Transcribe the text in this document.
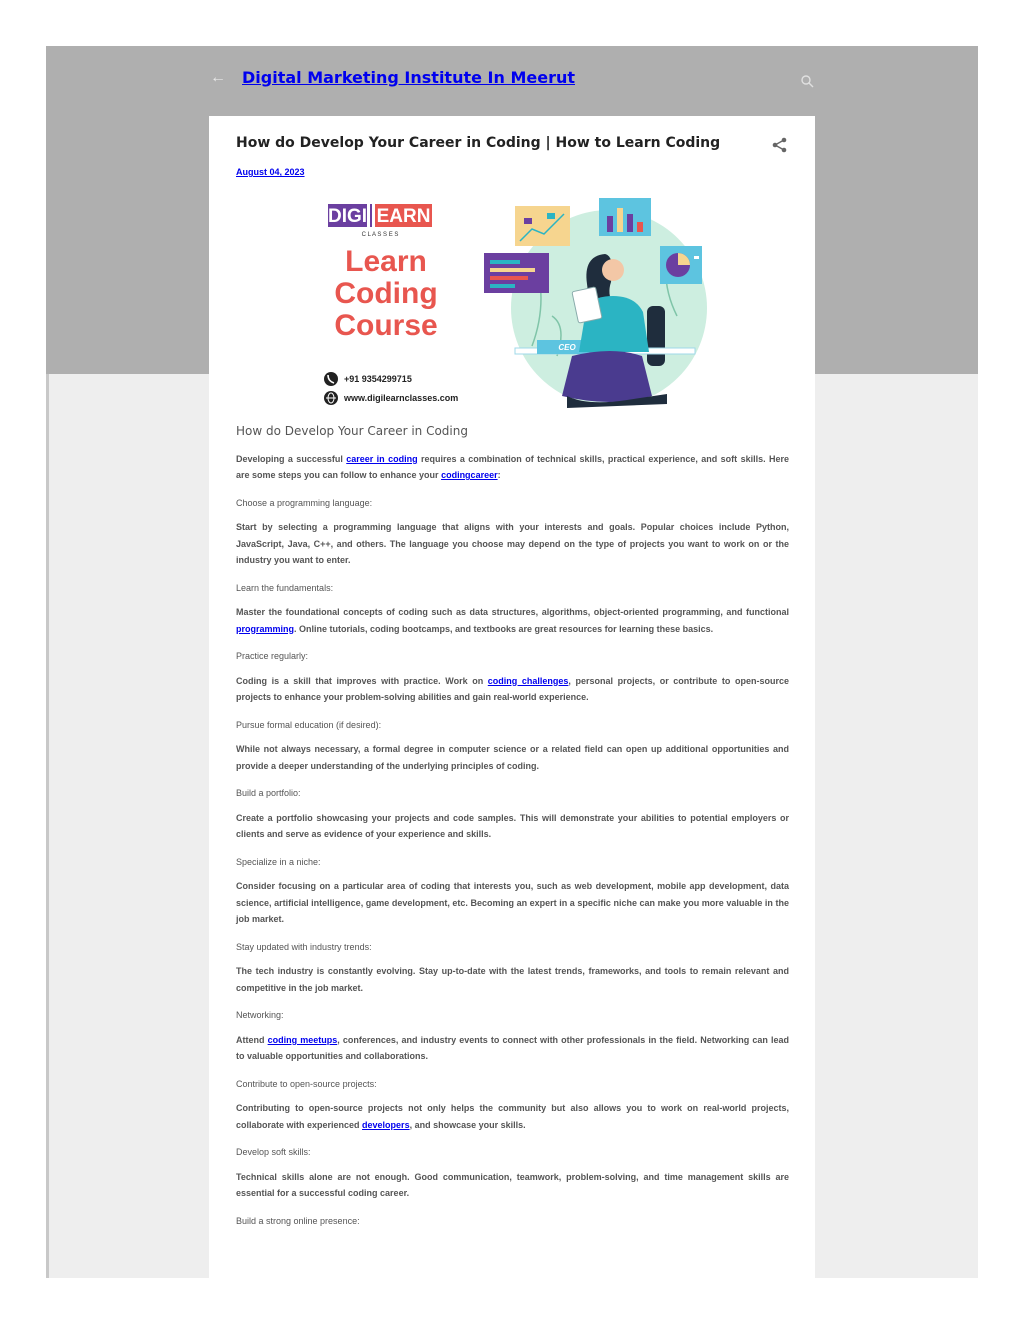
← Digital Marketing Institute In Meerut
How do Develop Your Career in Coding | How to Learn Coding
August 04, 2023
DIGI EARN
C L A S S E S
Learn
Coding
Course
+91 9354299715
www.digilearnclasses.com
CEO

How do Develop Your Career in Coding

Developing a successful career in coding requires a combination of technical skills, practical experience, and soft skills. Here are some steps you can follow to enhance your codingcareer:

Choose a programming language:

Start by selecting a programming language that aligns with your interests and goals. Popular choices include Python, JavaScript, Java, C++, and others. The language you choose may depend on the type of projects you want to work on or the industry you want to enter.

Learn the fundamentals:

Master the foundational concepts of coding such as data structures, algorithms, object-oriented programming, and functional programming. Online tutorials, coding bootcamps, and textbooks are great resources for learning these basics.

Practice regularly:

Coding is a skill that improves with practice. Work on coding challenges, personal projects, or contribute to open-source projects to enhance your problem-solving abilities and gain real-world experience.

Pursue formal education (if desired):

While not always necessary, a formal degree in computer science or a related field can open up additional opportunities and provide a deeper understanding of the underlying principles of coding.

Build a portfolio:

Create a portfolio showcasing your projects and code samples. This will demonstrate your abilities to potential employers or clients and serve as evidence of your experience and skills.

Specialize in a niche:

Consider focusing on a particular area of coding that interests you, such as web development, mobile app development, data science, artificial intelligence, game development, etc. Becoming an expert in a specific niche can make you more valuable in the job market.

Stay updated with industry trends:

The tech industry is constantly evolving. Stay up-to-date with the latest trends, frameworks, and tools to remain relevant and competitive in the job market.

Networking:

Attend coding meetups, conferences, and industry events to connect with other professionals in the field. Networking can lead to valuable opportunities and collaborations.

Contribute to open-source projects:

Contributing to open-source projects not only helps the community but also allows you to work on real-world projects, collaborate with experienced developers, and showcase your skills.

Develop soft skills:

Technical skills alone are not enough. Good communication, teamwork, problem-solving, and time management skills are essential for a successful coding career.

Build a strong online presence:
